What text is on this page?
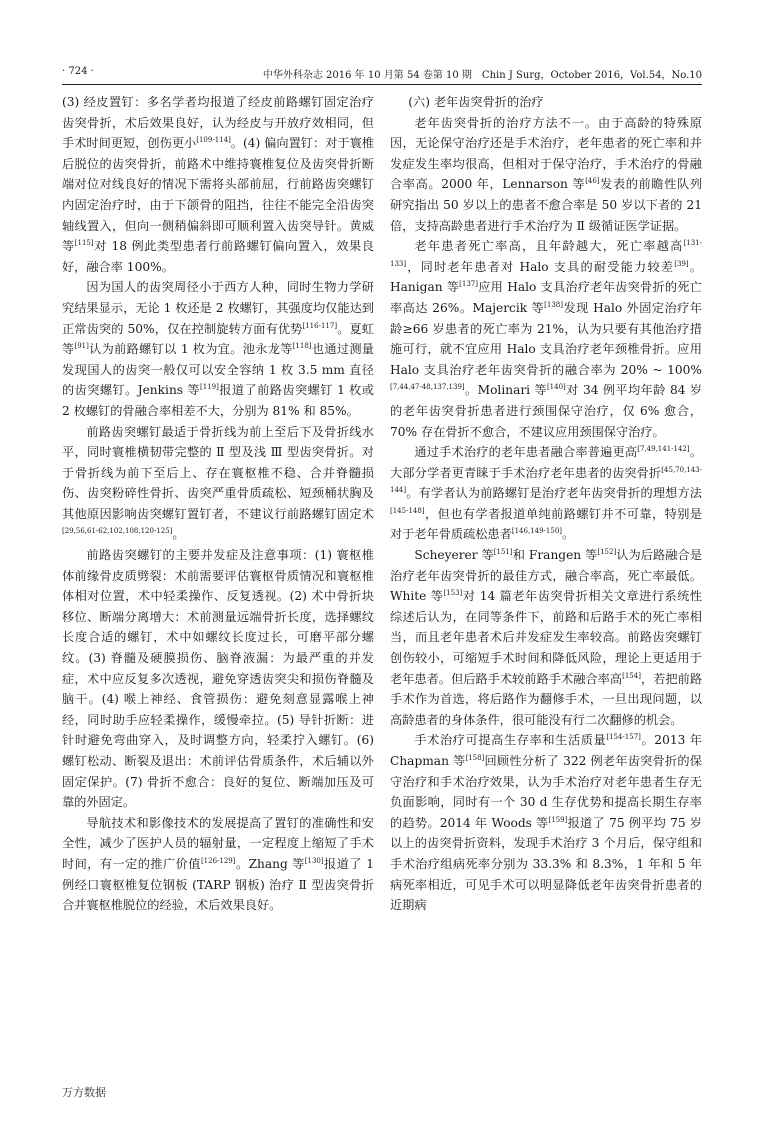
· 724 ·	中华外科杂志 2016 年 10 月第 54 卷第 10 期　Chin J Surg，October 2016，Vol.54，No.10

(3) 经皮置钉：多名学者均报道了经皮前路螺钉固定治疗齿突骨折，术后效果良好，认为经皮与开放疗效相同，但手术时间更短，创伤更小[109-114]。(4) 偏向置钉：对于寰椎后脱位的齿突骨折，前路术中维持寰椎复位及齿突骨折断端对位对线良好的情况下需将头部前屈，行前路齿突螺钉内固定治疗时，由于下颌骨的阻挡，往往不能完全沿齿突轴线置入，但向一侧稍偏斜即可顺利置入齿突导针。黄威等[115]对 18 例此类型患者行前路螺钉偏向置入，效果良好，融合率 100%。

因为国人的齿突周径小于西方人种，同时生物力学研究结果显示，无论 1 枚还是 2 枚螺钉，其强度均仅能达到正常齿突的 50%，仅在控制旋转方面有优势[116-117]。夏虹等[91]认为前路螺钉以 1 枚为宜。池永龙等[118]也通过测量发现国人的齿突一般仅可以安全容纳 1 枚 3.5 mm 直径的齿突螺钉。Jenkins 等[119]报道了前路齿突螺钉 1 枚或 2 枚螺钉的骨融合率相差不大，分别为 81% 和 85%。

前路齿突螺钉最适于骨折线为前上至后下及骨折线水平，同时寰椎横韧带完整的 Ⅱ 型及浅 Ⅲ 型齿突骨折。对于骨折线为前下至后上、存在寰枢椎不稳、合并脊髓损伤、齿突粉碎性骨折、齿突严重骨质疏松、短颈桶状胸及其他原因影响齿突螺钉置钉者，不建议行前路螺钉固定术[29,56,61-62,102,108,120-125]。

前路齿突螺钉的主要并发症及注意事项：(1) 寰枢椎体前缘骨皮质劈裂：术前需要评估寰枢骨质情况和寰枢椎体相对位置，术中轻柔操作、反复透视。(2) 术中骨折块移位、断端分离增大：术前测量远端骨折长度，选择螺纹长度合适的螺钉，术中如螺纹长度过长，可磨平部分螺纹。(3) 脊髓及硬膜损伤、脑脊液漏：为最严重的并发症，术中应反复多次透视，避免穿透齿突尖和损伤脊髓及脑干。(4) 喉上神经、食管损伤：避免刻意显露喉上神经，同时助手应轻柔操作，缓慢牵拉。(5) 导针折断：进针时避免弯曲穿入，及时调整方向，轻柔拧入螺钉。(6) 螺钉松动、断裂及退出：术前评估骨质条件，术后辅以外固定保护。(7) 骨折不愈合：良好的复位、断端加压及可靠的外固定。

导航技术和影像技术的发展提高了置钉的准确性和安全性，减少了医护人员的辐射量，一定程度上缩短了手术时间，有一定的推广价值[126-129]。Zhang 等[130]报道了 1 例经口寰枢椎复位钢板 (TARP 钢板) 治疗 Ⅱ 型齿突骨折合并寰枢椎脱位的经验，术后效果良好。

(六) 老年齿突骨折的治疗

老年齿突骨折的治疗方法不一。由于高龄的特殊原因，无论保守治疗还是手术治疗，老年患者的死亡率和并发症发生率均很高，但相对于保守治疗，手术治疗的骨融合率高。2000 年，Lennarson 等[46]发表的前瞻性队列研究指出 50 岁以上的患者不愈合率是 50 岁以下者的 21 倍，支持高龄患者进行手术治疗为 Ⅱ 级循证医学证据。

老年患者死亡率高，且年龄越大，死亡率越高[131-133]，同时老年患者对 Halo 支具的耐受能力较差[39]。Hanigan 等[137]应用 Halo 支具治疗老年齿突骨折的死亡率高达 26%。Majercik 等[138]发现 Halo 外固定治疗年龄≥66 岁患者的死亡率为 21%，认为只要有其他治疗措施可行，就不宜应用 Halo 支具治疗老年颈椎骨折。应用 Halo 支具治疗老年齿突骨折的融合率为 20% ~ 100%[7,44,47-48,137,139]。Molinari 等[140]对 34 例平均年龄 84 岁的老年齿突骨折患者进行颈围保守治疗，仅 6% 愈合，70% 存在骨折不愈合，不建议应用颈围保守治疗。

通过手术治疗的老年患者融合率普遍更高[7,49,141-142]。大部分学者更青睐于手术治疗老年患者的齿突骨折[45,70,143-144]。有学者认为前路螺钉是治疗老年齿突骨折的理想方法[145-148]，但也有学者报道单纯前路螺钉并不可靠，特别是对于老年骨质疏松患者[146,149-150]。

Scheyerer 等[151]和 Frangen 等[152]认为后路融合是治疗老年齿突骨折的最佳方式，融合率高，死亡率最低。White 等[153]对 14 篇老年齿突骨折相关文章进行系统性综述后认为，在同等条件下，前路和后路手术的死亡率相当，而且老年患者术后并发症发生率较高。前路齿突螺钉创伤较小，可缩短手术时间和降低风险，理论上更适用于老年患者。但后路手术较前路手术融合率高[154]，若把前路手术作为首选，将后路作为翻修手术，一旦出现问题，以高龄患者的身体条件，很可能没有行二次翻修的机会。

手术治疗可提高生存率和生活质量[154-157]。2013 年 Chapman 等[158]回顾性分析了 322 例老年齿突骨折的保守治疗和手术治疗效果，认为手术治疗对老年患者生存无负面影响，同时有一个 30 d 生存优势和提高长期生存率的趋势。2014 年 Woods 等[159]报道了 75 例平均 75 岁以上的齿突骨折资料，发现手术治疗 3 个月后，保守组和手术治疗组病死率分别为 33.3% 和 8.3%，1 年和 5 年病死率相近，可见手术可以明显降低老年齿突骨折患者的近期病

万方数据
